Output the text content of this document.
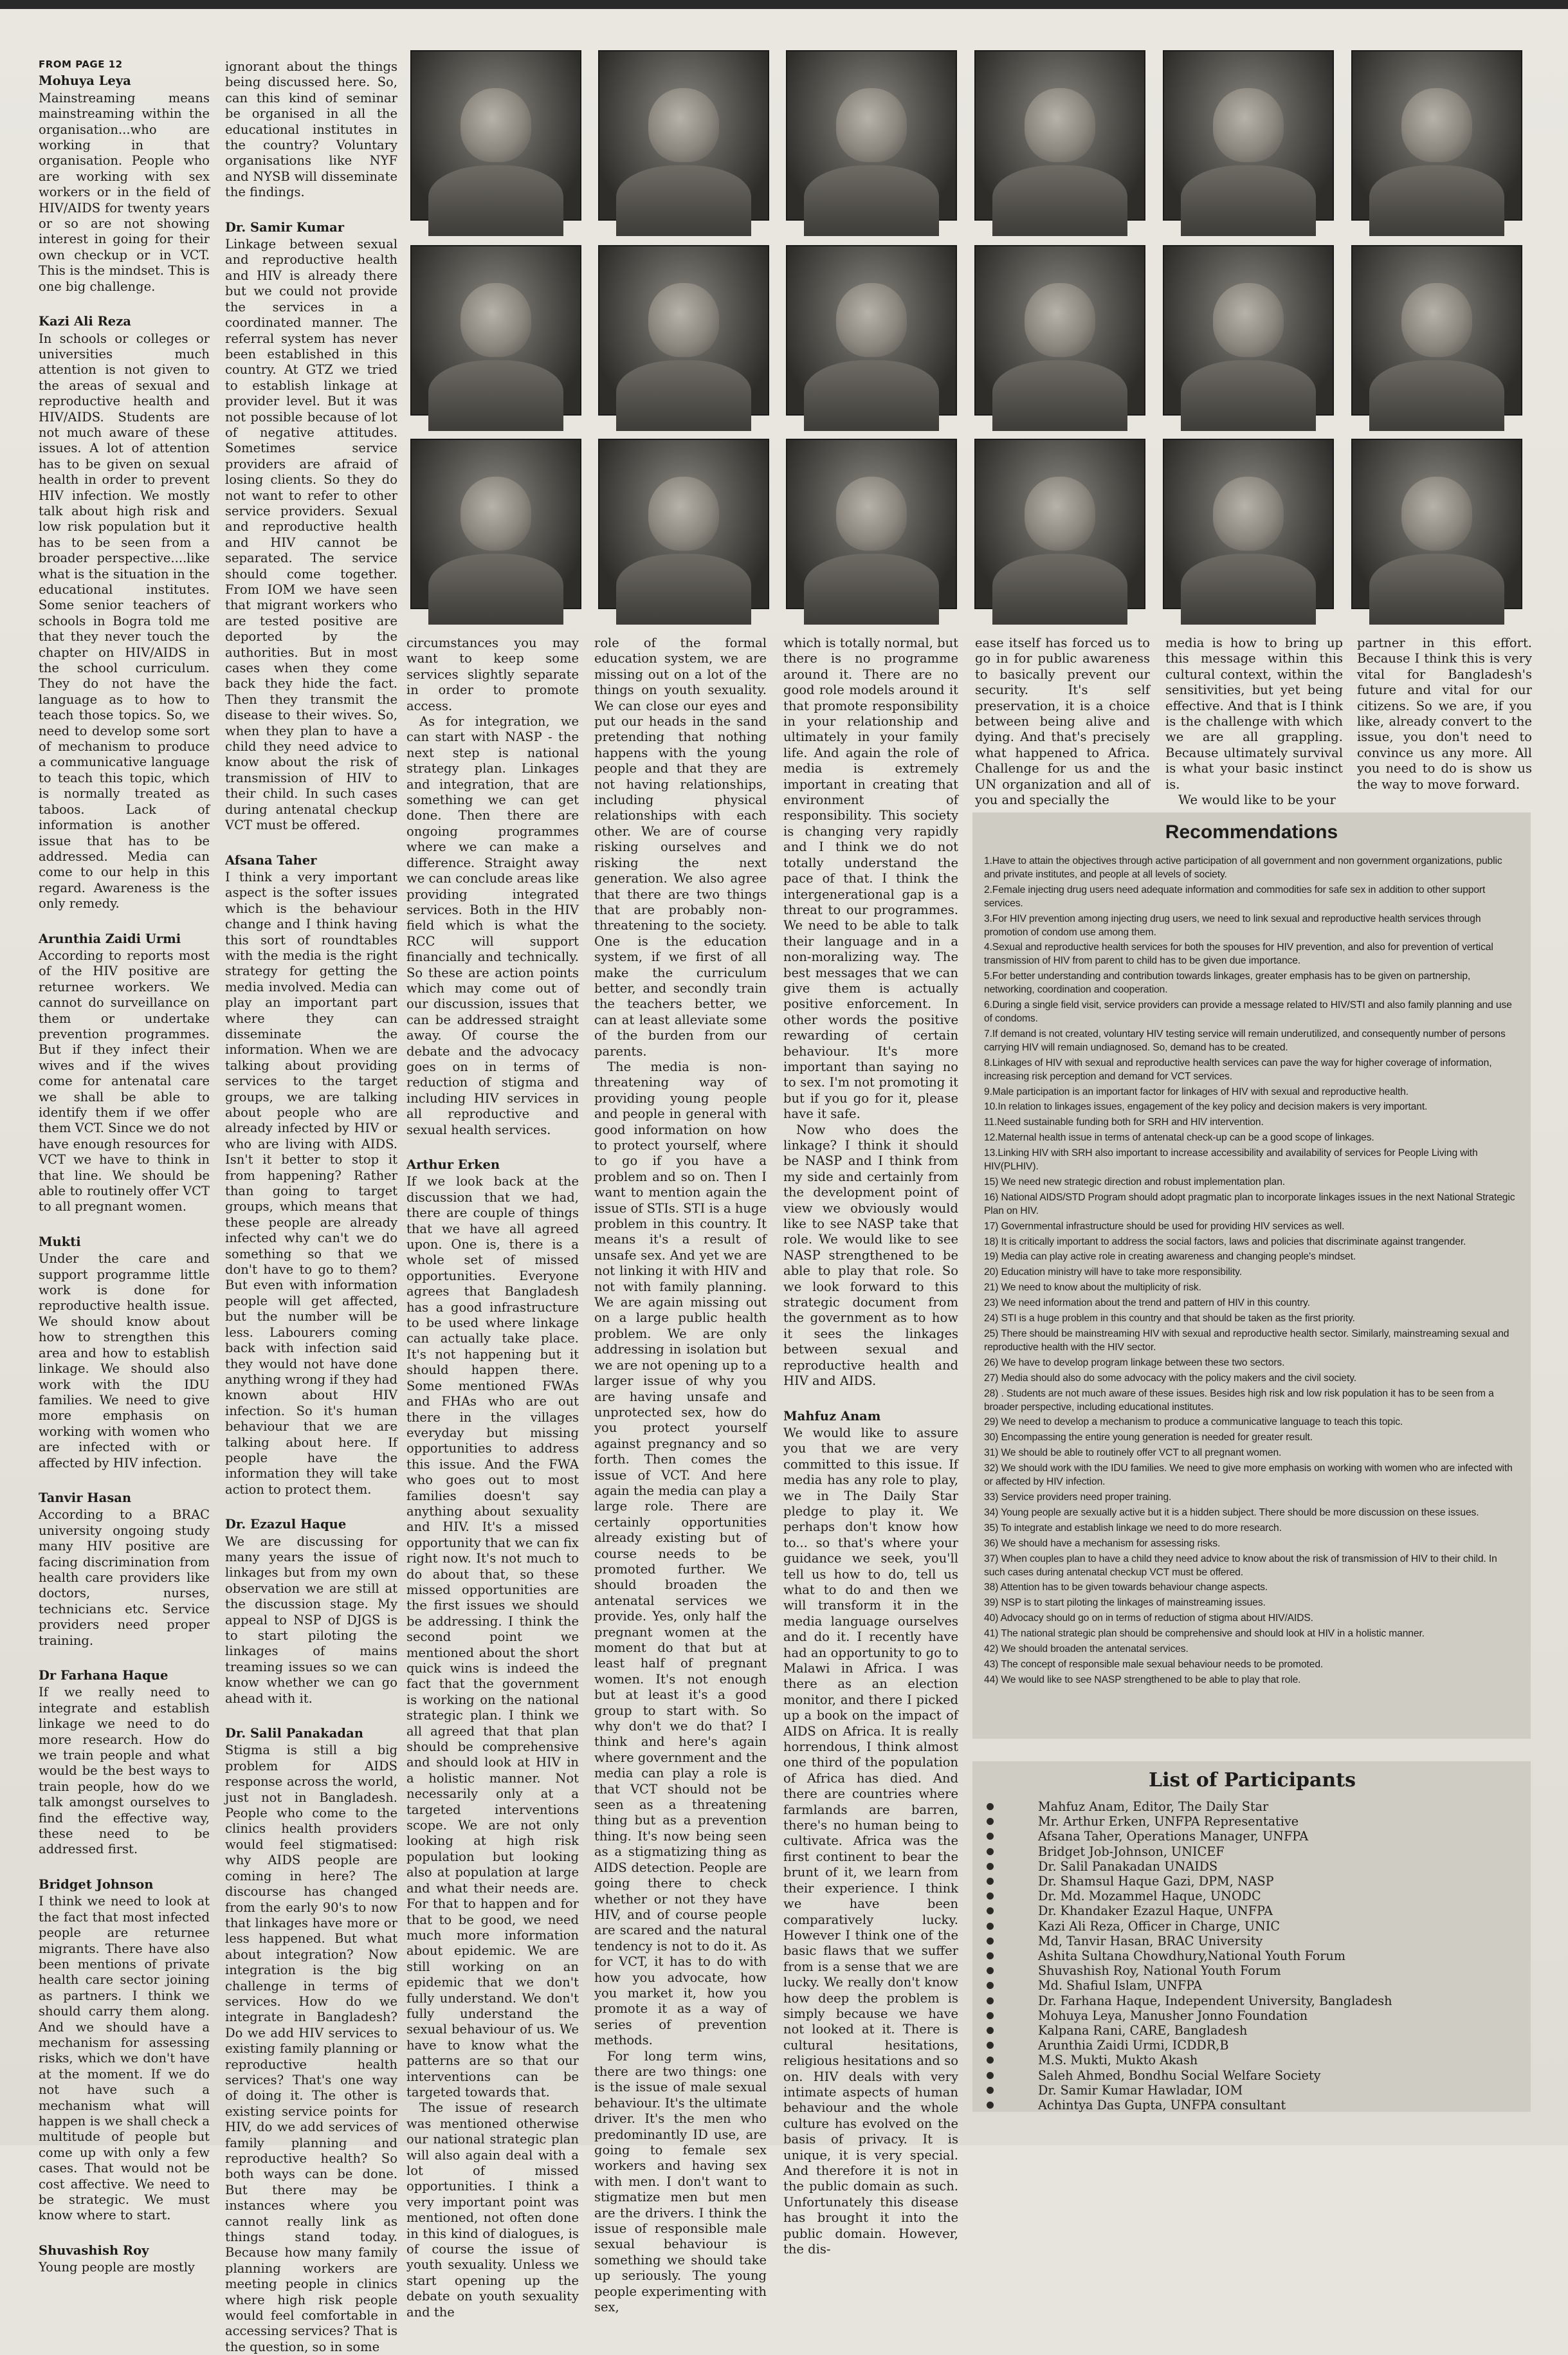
FROM PAGE 12
Mohuya Leya

Mainstreaming means mainstreaming within the organisation...who are working in that organisation. People who are working with sex workers or in the field of HIV/AIDS for twenty years or so are not showing interest in going for their own checkup or in VCT. This is the mindset. This is one big challenge.

Kazi Ali Reza

In schools or colleges or universities much attention is not given to the areas of sexual and reproductive health and HIV/AIDS. Students are not much aware of these issues. A lot of attention has to be given on sexual health in order to prevent HIV infection. We mostly talk about high risk and low risk population but it has to be seen from a broader perspective....like what is the situation in the educational institutes. Some senior teachers of schools in Bogra told me that they never touch the chapter on HIV/AIDS in the school curriculum. They do not have the language as to how to teach those topics. So, we need to develop some sort of mechanism to produce a communicative language to teach this topic, which is normally treated as taboos. Lack of information is another issue that has to be addressed. Media can come to our help in this regard. Awareness is the only remedy.

Arunthia Zaidi Urmi

According to reports most of the HIV positive are returnee workers. We cannot do surveillance on them or undertake prevention programmes. But if they infect their wives and if the wives come for antenatal care we shall be able to identify them if we offer them VCT. Since we do not have enough resources for VCT we have to think in that line. We should be able to routinely offer VCT to all pregnant women.

Mukti

Under the care and support programme little work is done for reproductive health issue. We should know about how to strengthen this area and how to establish linkage. We should also work with the IDU families. We need to give more emphasis on working with women who are infected with or affected by HIV infection.

Tanvir Hasan

According to a BRAC university ongoing study many HIV positive are facing discrimination from health care providers like doctors, nurses, technicians etc. Service providers need proper training.

Dr Farhana Haque

If we really need to integrate and establish linkage we need to do more research. How do we train people and what would be the best ways to train people, how do we talk amongst ourselves to find the effective way, these need to be addressed first.

Bridget Johnson

I think we need to look at the fact that most infected people are returnee migrants. There have also been mentions of private health care sector joining as partners. I think we should carry them along. And we should have a mechanism for assessing risks, which we don't have at the moment. If we do not have such a mechanism what will happen is we shall check a multitude of people but come up with only a few cases. That would not be cost affective. We need to be strategic. We must know where to start.

Shuvashish Roy

Young people are mostly

ignorant about the things being discussed here. So, can this kind of seminar be organised in all the educational institutes in the country? Voluntary organisations like NYF and NYSB will disseminate the findings.

Dr. Samir Kumar

Linkage between sexual and reproductive health and HIV is already there but we could not provide the services in a coordinated manner. The referral system has never been established in this country. At GTZ we tried to establish linkage at provider level. But it was not possible because of lot of negative attitudes. Sometimes service providers are afraid of losing clients. So they do not want to refer to other service providers. Sexual and reproductive health and HIV cannot be separated. The service should come together. From IOM we have seen that migrant workers who are tested positive are deported by the authorities. But in most cases when they come back they hide the fact. Then they transmit the disease to their wives. So, when they plan to have a child they need advice to know about the risk of transmission of HIV to their child. In such cases during antenatal checkup VCT must be offered.

Afsana Taher

I think a very important aspect is the softer issues which is the behaviour change and I think having this sort of roundtables with the media is the right strategy for getting the media involved. Media can play an important part where they can disseminate the information. When we are talking about providing services to the target groups, we are talking about people who are already infected by HIV or who are living with AIDS. Isn't it better to stop it from happening? Rather than going to target groups, which means that these people are already infected why can't we do something so that we don't have to go to them? But even with information people will get affected, but the number will be less. Labourers coming back with infection said they would not have done anything wrong if they had known about HIV infection. So it's human behaviour that we are talking about here. If people have the information they will take action to protect them.

Dr. Ezazul Haque

We are discussing for many years the issue of linkages but from my own observation we are still at the discussion stage. My appeal to NSP of DJGS is to start piloting the linkages of mains treaming issues so we can know whether we can go ahead with it.

Dr. Salil Panakadan

Stigma is still a big problem for AIDS response across the world, just not in Bangladesh. People who come to the clinics health providers would feel stigmatised: why AIDS people are coming in here? The discourse has changed from the early 90's to now that linkages have more or less happened. But what about integration? Now integration is the big challenge in terms of services. How do we integrate in Bangladesh? Do we add HIV services to existing family planning or reproductive health services? That's one way of doing it. The other is existing service points for HIV, do we add services of family planning and reproductive health? So both ways can be done. But there may be instances where you cannot really link as things stand today. Because how many family planning workers are meeting people in clinics where high risk people would feel comfortable in accessing services? That is the question, so in some

circumstances you may want to keep some services slightly separate in order to promote access.

As for integration, we can start with NASP - the next step is national strategy plan. Linkages and integration, that are something we can get done. Then there are ongoing programmes where we can make a difference. Straight away we can conclude areas like providing integrated services. Both in the HIV field which is what the RCC will support financially and technically. So these are action points which may come out of our discussion, issues that can be addressed straight away. Of course the debate and the advocacy goes on in terms of reduction of stigma and including HIV services in all reproductive and sexual health services.

Arthur Erken

If we look back at the discussion that we had, there are couple of things that we have all agreed upon. One is, there is a whole set of missed opportunities. Everyone agrees that Bangladesh has a good infrastructure to be used where linkage can actually take place. It's not happening but it should happen there. Some mentioned FWAs and FHAs who are out there in the villages everyday but missing opportunities to address this issue. And the FWA who goes out to most families doesn't say anything about sexuality and HIV. It's a missed opportunity that we can fix right now. It's not much to do about that, so these missed opportunities are the first issues we should be addressing. I think the second point we mentioned about the short quick wins is indeed the fact that the government is working on the national strategic plan. I think we all agreed that that plan should be comprehensive and should look at HIV in a holistic manner. Not necessarily only at a targeted interventions scope. We are not only looking at high risk population but looking also at population at large and what their needs are. For that to happen and for that to be good, we need much more information about epidemic. We are still working on an epidemic that we don't fully understand. We don't fully understand the sexual behaviour of us. We have to know what the patterns are so that our interventions can be targeted towards that.

The issue of research was mentioned otherwise our national strategic plan will also again deal with a lot of missed opportunities. I think a very important point was mentioned, not often done in this kind of dialogues, is of course the issue of youth sexuality. Unless we start opening up the debate on youth sexuality and the

role of the formal education system, we are missing out on a lot of the things on youth sexuality. We can close our eyes and put our heads in the sand pretending that nothing happens with the young people and that they are not having relationships, including physical relationships with each other. We are of course risking ourselves and risking the next generation. We also agree that there are two things that are probably non-threatening to the society. One is the education system, if we first of all make the curriculum better, and secondly train the teachers better, we can at least alleviate some of the burden from our parents.

The media is non-threatening way of providing young people and people in general with good information on how to protect yourself, where to go if you have a problem and so on. Then I want to mention again the issue of STIs. STI is a huge problem in this country. It means it's a result of unsafe sex. And yet we are not linking it with HIV and not with family planning. We are again missing out on a large public health problem. We are only addressing in isolation but we are not opening up to a larger issue of why you are having unsafe and unprotected sex, how do you protect yourself against pregnancy and so forth. Then comes the issue of VCT. And here again the media can play a large role. There are certainly opportunities already existing but of course needs to be promoted further. We should broaden the antenatal services we provide. Yes, only half the pregnant women at the moment do that but at least half of pregnant women. It's not enough but at least it's a good group to start with. So why don't we do that? I think and here's again where government and the media can play a role is that VCT should not be seen as a threatening thing but as a prevention thing. It's now being seen as a stigmatizing thing as AIDS detection. People are going there to check whether or not they have HIV, and of course people are scared and the natural tendency is not to do it. As for VCT, it has to do with how you advocate, how you market it, how you promote it as a way of series of prevention methods.

For long term wins, there are two things: one is the issue of male sexual behaviour. It's the ultimate driver. It's the men who predominantly ID use, are going to female sex workers and having sex with men. I don't want to stigmatize men but men are the drivers. I think the issue of responsible male sexual behaviour is something we should take up seriously. The young people experimenting with sex,

which is totally normal, but there is no programme around it. There are no good role models around it that promote responsibility in your relationship and ultimately in your family life. And again the role of media is extremely important in creating that environment of responsibility. This society is changing very rapidly and I think we do not totally understand the pace of that. I think the intergenerational gap is a threat to our programmes. We need to be able to talk their language and in a non-moralizing way. The best messages that we can give them is actually positive enforcement. In other words the positive rewarding of certain behaviour. It's more important than saying no to sex. I'm not promoting it but if you go for it, please have it safe.

Now who does the linkage? I think it should be NASP and I think from my side and certainly from the development point of view we obviously would like to see NASP take that role. We would like to see NASP strengthened to be able to play that role. So we look forward to this strategic document from the government as to how it sees the linkages between sexual and reproductive health and HIV and AIDS.

Mahfuz Anam

We would like to assure you that we are very committed to this issue. If media has any role to play, we in The Daily Star pledge to play it. We perhaps don't know how to... so that's where your guidance we seek, you'll tell us how to do, tell us what to do and then we will transform it in the media language ourselves and do it. I recently have had an opportunity to go to Malawi in Africa. I was there as an election monitor, and there I picked up a book on the impact of AIDS on Africa. It is really horrendous, I think almost one third of the population of Africa has died. And there are countries where farmlands are barren, there's no human being to cultivate. Africa was the first continent to bear the brunt of it, we learn from their experience. I think we have been comparatively lucky. However I think one of the basic flaws that we suffer from is a sense that we are lucky. We really don't know how deep the problem is simply because we have not looked at it. There is cultural hesitations, religious hesitations and so on. HIV deals with very intimate aspects of human behaviour and the whole culture has evolved on the basis of privacy. It is unique, it is very special. And therefore it is not in the public domain as such. Unfortunately this disease has brought it into the public domain. However, the dis-

ease itself has forced us to go in for public awareness to basically prevent our security. It's self preservation, it is a choice between being alive and dying. And that's precisely what happened to Africa. Challenge for us and the UN organization and all of you and specially the

media is how to bring up this message within this cultural context, within the sensitivities, but yet being effective. And that is I think is the challenge with which we are all grappling. Because ultimately survival is what your basic instinct is.

We would like to be your

partner in this effort. Because I think this is very vital for Bangladesh's future and vital for our citizens. So we are, if you like, already convert to the issue, you don't need to convince us any more. All you need to do is show us the way to move forward.

Recommendations
1.Have to attain the objectives through active participation of all government and non government organizations, public and private institutes, and people at all levels of society.
2.Female injecting drug users need adequate information and commodities for safe sex in addition to other support services.
3.For HIV prevention among injecting drug users, we need to link sexual and reproductive health services through promotion of condom use among them.
4.Sexual and reproductive health services for both the spouses for HIV prevention, and also for prevention of vertical transmission of HIV from parent to child has to be given due importance.
5.For better understanding and contribution towards linkages, greater emphasis has to be given on partnership, networking, coordination and cooperation.
6.During a single field visit, service providers can provide a message related to HIV/STI and also family planning and use of condoms.
7.If demand is not created, voluntary HIV testing service will remain underutilized, and consequently number of persons carrying HIV will remain undiagnosed. So, demand has to be created.
8.Linkages of HIV with sexual and reproductive health services can pave the way for higher coverage of information, increasing risk perception and demand for VCT services.
9.Male participation is an important factor for linkages of HIV with sexual and reproductive health.
10.In relation to linkages issues, engagement of the key policy and decision makers is very important.
11.Need sustainable funding both for SRH and HIV intervention.
12.Maternal health issue in terms of antenatal check-up can be a good scope of linkages.
13.Linking HIV with SRH also important to increase accessibility and availability of services for People Living with HIV(PLHIV).
15) We need new strategic direction and robust implementation plan.
16) National AIDS/STD Program should adopt pragmatic plan to incorporate linkages issues in the next National Strategic Plan on HIV.
17) Governmental infrastructure should be used for providing HIV services as well.
18) It is critically important to address the social factors, laws and policies that discriminate against trangender.
19) Media can play active role in creating awareness and changing people's mindset.
20) Education ministry will have to take more responsibility.
21) We need to know about the multiplicity of risk.
23) We need information about the trend and pattern of HIV in this country.
24) STI is a huge problem in this country and that should be taken as the first priority.
25) There should be mainstreaming HIV with sexual and reproductive health sector. Similarly, mainstreaming sexual and reproductive health with the HIV sector.
26) We have to develop program linkage between these two sectors.
27) Media should also do some advocacy with the policy makers and the civil society.
28) . Students are not much aware of these issues. Besides high risk and low risk population it has to be seen from a broader perspective, including educational institutes.
29) We need to develop a mechanism to produce a communicative language to teach this topic.
30) Encompassing the entire young generation is needed for greater result.
31) We should be able to routinely offer VCT to all pregnant women.
32) We should work with the IDU families. We need to give more emphasis on working with women who are infected with or affected by HIV infection.
33) Service providers need proper training.
34) Young people are sexually active but it is a hidden subject. There should be more discussion on these issues.
35) To integrate and establish linkage we need to do more research.
36) We should have a mechanism for assessing risks.
37) When couples plan to have a child they need advice to know about the risk of transmission of HIV to their child. In such cases during antenatal checkup VCT must be offered.
38) Attention has to be given towards behaviour change aspects.
39) NSP is to start piloting the linkages of mainstreaming issues.
40) Advocacy should go on in terms of reduction of stigma about HIV/AIDS.
41) The national strategic plan should be comprehensive and should look at HIV in a holistic manner.
42) We should broaden the antenatal services.
43) The concept of responsible male sexual behaviour needs to be promoted.
44) We would like to see NASP strengthened to be able to play that role.
List of Participants
Mahfuz Anam, Editor, The Daily Star
Mr. Arthur Erken, UNFPA Representative
Afsana Taher, Operations Manager, UNFPA
Bridget Job-Johnson, UNICEF
Dr. Salil Panakadan UNAIDS
Dr. Shamsul Haque Gazi, DPM, NASP
Dr. Md. Mozammel Haque, UNODC
Dr. Khandaker Ezazul Haque, UNFPA
Kazi Ali Reza, Officer in Charge, UNIC
Md, Tanvir Hasan, BRAC University
Ashita Sultana Chowdhury,National Youth Forum
Shuvashish Roy, National Youth Forum
Md. Shafiul Islam, UNFPA
Dr. Farhana Haque, Independent University, Bangladesh
Mohuya Leya, Manusher Jonno Foundation
Kalpana Rani, CARE, Bangladesh
Arunthia Zaidi Urmi, ICDDR,B
M.S. Mukti, Mukto Akash
Saleh Ahmed, Bondhu Social Welfare Society
Dr. Samir Kumar Hawladar, IOM
Achintya Das Gupta, UNFPA consultant
